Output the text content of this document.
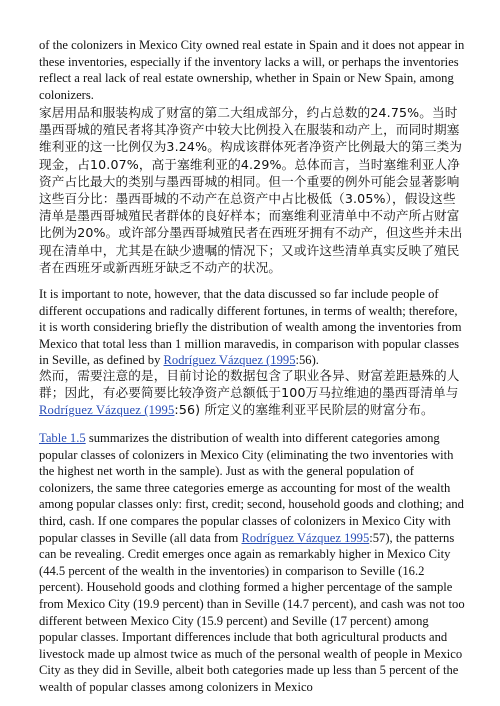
of the colonizers in Mexico City owned real estate in Spain and it does not appear in these inventories, especially if the inventory lacks a will, or perhaps the inventories reflect a real lack of real estate ownership, whether in Spain or New Spain, among colonizers.

家居用品和服装构成了财富的第二大组成部分，约占总数的24.75%。当时墨西哥城的殖民者将其净资产中较大比例投入在服装和动产上，而同时期塞维利亚的这一比例仅为3.24%。构成该群体死者净资产比例最大的第三类为现金，占10.07%，高于塞维利亚的4.29%。总体而言，当时塞维利亚人净资产占比最大的类别与墨西哥城的相同。但一个重要的例外可能会显著影响这些百分比：墨西哥城的不动产在总资产中占比极低（3.05%），假设这些清单是墨西哥城殖民者群体的良好样本；而塞维利亚清单中不动产所占财富比例为20%。或许部分墨西哥城殖民者在西班牙拥有不动产，但这些并未出现在清单中，尤其是在缺少遗嘱的情况下；又或许这些清单真实反映了殖民者在西班牙或新西班牙缺乏不动产的状况。

It is important to note, however, that the data discussed so far include people of different occupations and radically different fortunes, in terms of wealth; therefore, it is worth considering briefly the distribution of wealth among the inventories from Mexico that total less than 1 million maravedis, in comparison with popular classes in Seville, as defined by Rodríguez Vázquez (1995:56).

然而，需要注意的是，目前讨论的数据包含了职业各异、财富差距悬殊的人群；因此，有必要简要比较净资产总额低于100万马拉维迪的墨西哥清单与Rodríguez Vázquez (1995:56) 所定义的塞维利亚平民阶层的财富分布。

Table 1.5 summarizes the distribution of wealth into different categories among popular classes of colonizers in Mexico City (eliminating the two inventories with the highest net worth in the sample). Just as with the general population of colonizers, the same three categories emerge as accounting for most of the wealth among popular classes only: first, credit; second, household goods and clothing; and third, cash. If one compares the popular classes of colonizers in Mexico City with popular classes in Seville (all data from Rodríguez Vázquez 1995:57), the patterns can be revealing. Credit emerges once again as remarkably higher in Mexico City (44.5 percent of the wealth in the inventories) in comparison to Seville (16.2 percent). Household goods and clothing formed a higher percentage of the sample from Mexico City (19.9 percent) than in Seville (14.7 percent), and cash was not too different between Mexico City (15.9 percent) and Seville (17 percent) among popular classes. Important differences include that both agricultural products and livestock made up almost twice as much of the personal wealth of people in Mexico City as they did in Seville, albeit both categories made up less than 5 percent of the wealth of popular classes among colonizers in Mexico
